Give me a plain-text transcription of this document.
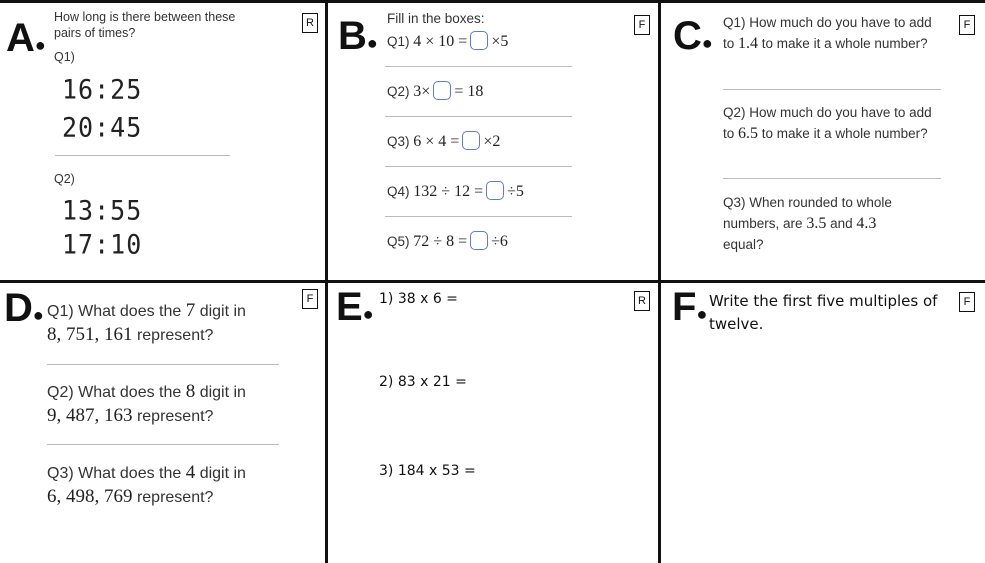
A●
How long is there between these pairs of times?
R
Q1)
16:25
20:45
Q2)
13:55
17:10
B●
F
Fill in the boxes:
Q1) 4 × 10 = ×5
Q2) 3× = 18
Q3) 6 × 4 = ×2
Q4) 132 ÷ 12 = ÷5
Q5) 72 ÷ 8 = ÷6
C●
F
Q1) How much do you have to add to 1.4 to make it a whole number?
Q2) How much do you have to add to 6.5 to make it a whole number?
Q3) When rounded to whole numbers, are 3.5 and 4.3 equal?
D●
F
Q1) What does the 7 digit in
8, 751, 161 represent?
Q2) What does the 8 digit in
9, 487, 163 represent?
Q3) What does the 4 digit in
6, 498, 769 represent?
E●
R
1) 38 x 6 =
2) 83 x 21 =
3) 184 x 53 =
F●
F
Write the first five multiples of twelve.
